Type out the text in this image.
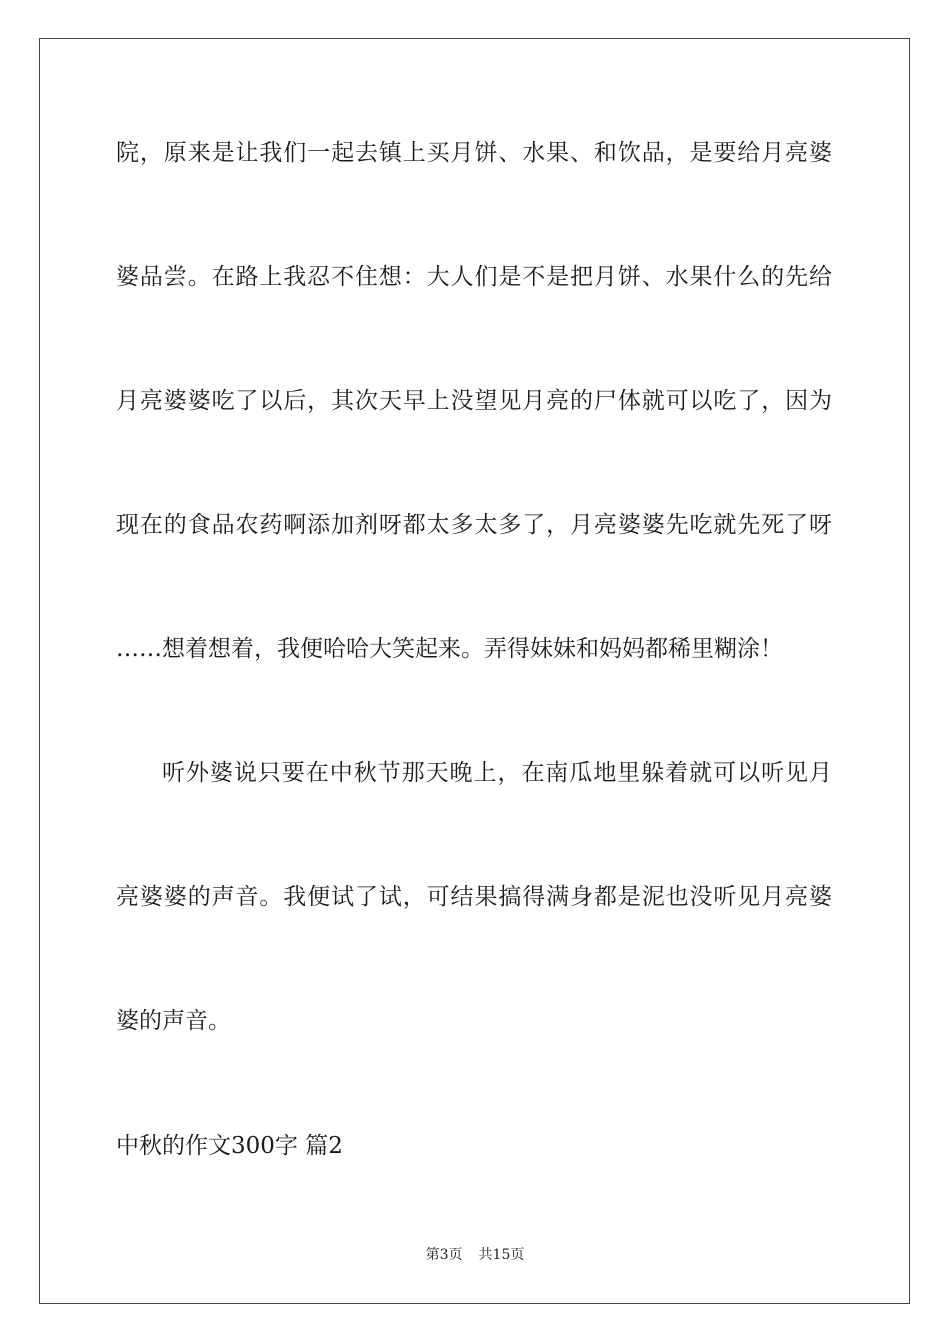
院，原来是让我们一起去镇上买月饼、水果、和饮品，是要给月亮婆
婆品尝。在路上我忍不住想：大人们是不是把月饼、水果什么的先给
月亮婆婆吃了以后，其次天早上没望见月亮的尸体就可以吃了，因为
现在的食品农药啊添加剂呀都太多太多了，月亮婆婆先吃就先死了呀
……想着想着，我便哈哈大笑起来。弄得妹妹和妈妈都稀里糊涂！
听外婆说只要在中秋节那天晚上，在南瓜地里躲着就可以听见月
亮婆婆的声音。我便试了试，可结果搞得满身都是泥也没听见月亮婆
婆的声音。
中秋的作文300字 篇2
第3页 共15页
